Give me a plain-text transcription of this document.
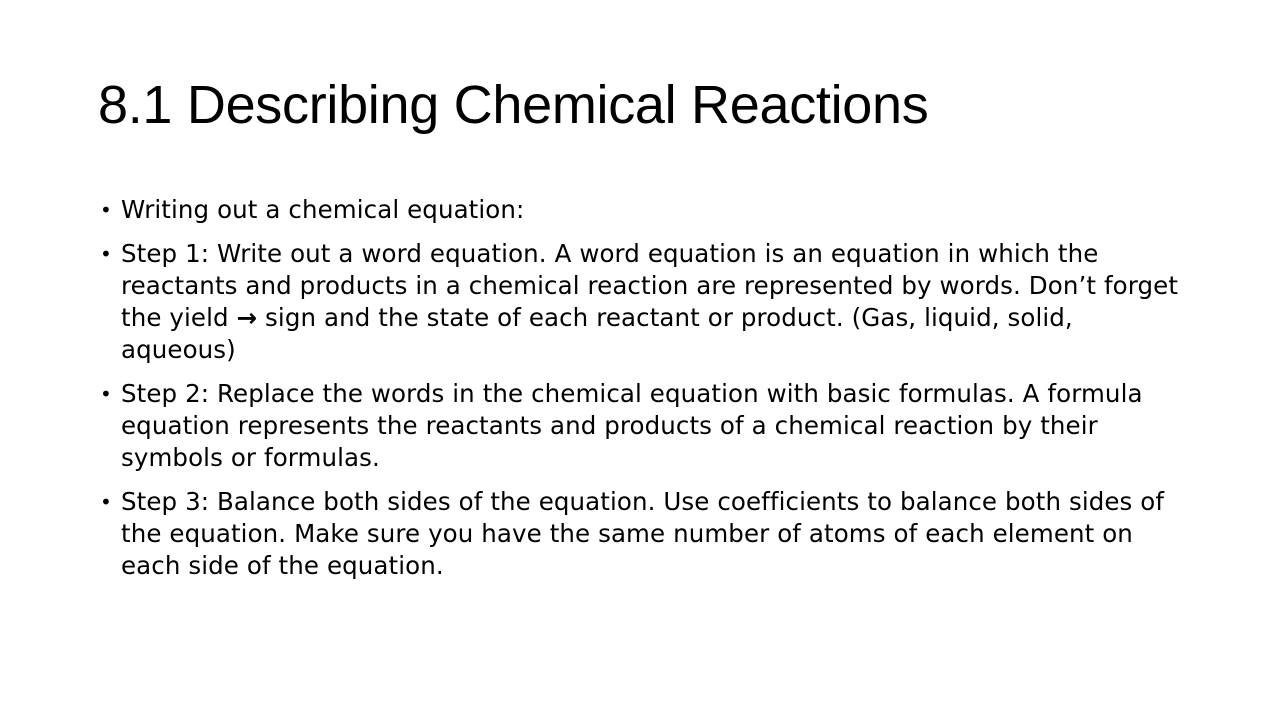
8.1 Describing Chemical Reactions
• Writing out a chemical equation:
• Step 1: Write out a word equation. A word equation is an equation in which the reactants and products in a chemical reaction are represented by words. Don’t forget the yield → sign and the state of each reactant or product. (Gas, liquid, solid, aqueous)
• Step 2: Replace the words in the chemical equation with basic formulas. A formula equation represents the reactants and products of a chemical reaction by their symbols or formulas.
• Step 3: Balance both sides of the equation. Use coefficients to balance both sides of the equation. Make sure you have the same number of atoms of each element on each side of the equation.
